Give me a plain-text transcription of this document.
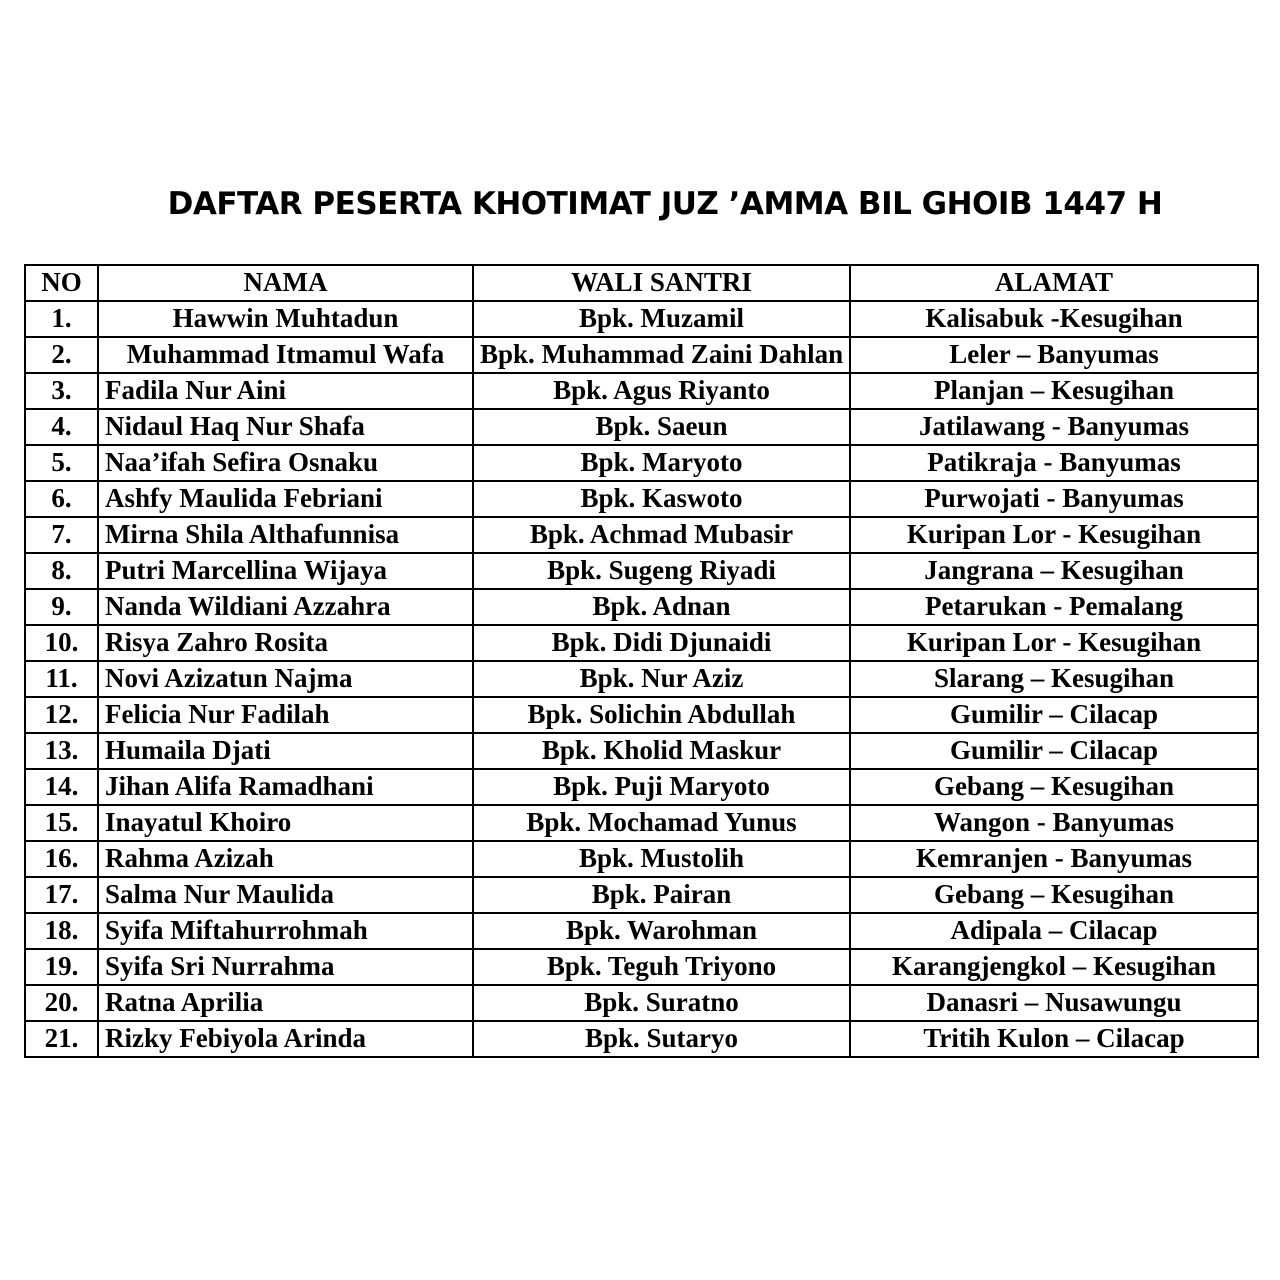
DAFTAR PESERTA KHOTIMAT JUZ ’AMMA BIL GHOIB 1447 H
NO	NAMA	WALI SANTRI	ALAMAT
1.	Hawwin Muhtadun	Bpk. Muzamil	Kalisabuk -Kesugihan
2.	Muhammad Itmamul Wafa	Bpk. Muhammad Zaini Dahlan	Leler – Banyumas
3.	Fadila Nur Aini	Bpk. Agus Riyanto	Planjan – Kesugihan
4.	Nidaul Haq Nur Shafa	Bpk. Saeun	Jatilawang - Banyumas
5.	Naa’ifah Sefira Osnaku	Bpk. Maryoto	Patikraja - Banyumas
6.	Ashfy Maulida Febriani	Bpk. Kaswoto	Purwojati - Banyumas
7.	Mirna Shila Althafunnisa	Bpk. Achmad Mubasir	Kuripan Lor - Kesugihan
8.	Putri Marcellina Wijaya	Bpk. Sugeng Riyadi	Jangrana – Kesugihan
9.	Nanda Wildiani Azzahra	Bpk. Adnan	Petarukan - Pemalang
10.	Risya Zahro Rosita	Bpk. Didi Djunaidi	Kuripan Lor - Kesugihan
11.	Novi Azizatun Najma	Bpk. Nur Aziz	Slarang – Kesugihan
12.	Felicia Nur Fadilah	Bpk. Solichin Abdullah	Gumilir – Cilacap
13.	Humaila Djati	Bpk. Kholid Maskur	Gumilir – Cilacap
14.	Jihan Alifa Ramadhani	Bpk. Puji Maryoto	Gebang – Kesugihan
15.	Inayatul Khoiro	Bpk. Mochamad Yunus	Wangon - Banyumas
16.	Rahma Azizah	Bpk. Mustolih	Kemranjen - Banyumas
17.	Salma Nur Maulida	Bpk. Pairan	Gebang – Kesugihan
18.	Syifa Miftahurrohmah	Bpk. Warohman	Adipala – Cilacap
19.	Syifa Sri Nurrahma	Bpk. Teguh Triyono	Karangjengkol – Kesugihan
20.	Ratna Aprilia	Bpk. Suratno	Danasri – Nusawungu
21.	Rizky Febiyola Arinda	Bpk. Sutaryo	Tritih Kulon – Cilacap
